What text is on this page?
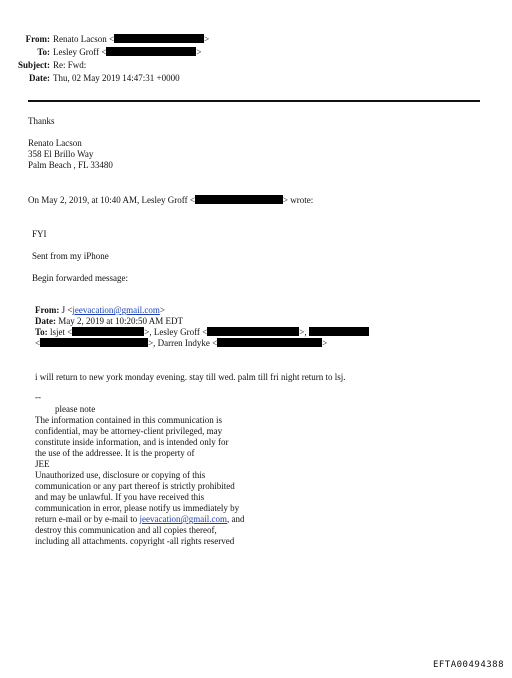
From: Renato Lacson <	>
To: Lesley Groff <	>
Subject: Re: Fwd:
Date: Thu, 02 May 2019 14:47:31 +0000
Thanks
Renato Lacson
358 El Brillo Way
Palm Beach , FL 33480
On May 2, 2019, at 10:40 AM, Lesley Groff <	> wrote:
FYI
Sent from my iPhone
Begin forwarded message:
From: J <jeevacation@gmail.com>
Date: May 2, 2019 at 10:20:50 AM EDT
To: lsjet <	>, Lesley Groff <	>,
<	>, Darren Indyke <	>
i will return to new york monday evening. stay till wed. palm till fri night return to lsj.
--
please note
The information contained in this communication is
confidential, may be attorney-client privileged, may
constitute inside information, and is intended only for
the use of the addressee. It is the property of
JEE
Unauthorized use, disclosure or copying of this
communication or any part thereof is strictly prohibited
and may be unlawful. If you have received this
communication in error, please notify us immediately by
return e-mail or by e-mail to jeevacation@gmail.com, and
destroy this communication and all copies thereof,
including all attachments. copyright -all rights reserved
EFTA00494388
